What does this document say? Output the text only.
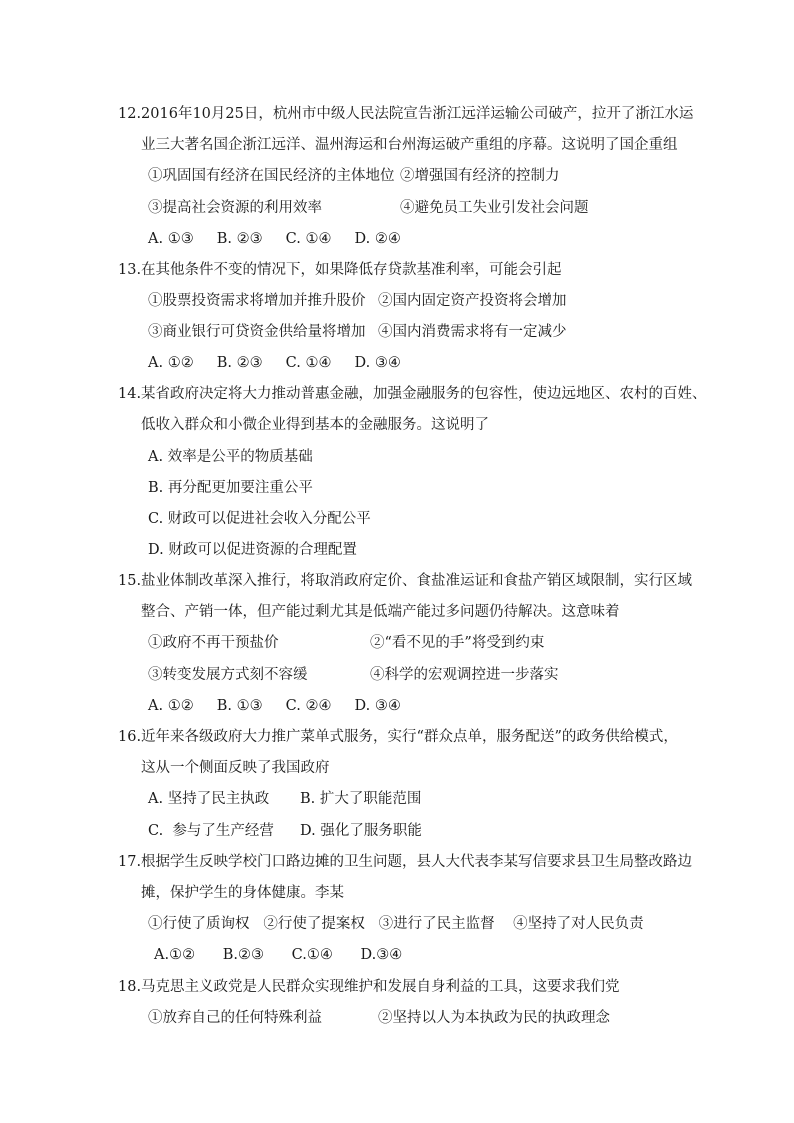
12.2016年10月25日，杭州市中级人民法院宣告浙江远洋运输公司破产，拉开了浙江水运
业三大著名国企浙江远洋、温州海运和台州海运破产重组的序幕。这说明了国企重组
①巩固国有经济在国民经济的主体地位 ②增强国有经济的控制力
③提高社会资源的利用效率	④避免员工失业引发社会问题
A. ①③     B. ②③     C. ①④     D. ②④
13.在其他条件不变的情况下，如果降低存贷款基准利率，可能会引起
①股票投资需求将增加并推升股价 ②国内固定资产投资将会增加
③商业银行可贷资金供给量将增加 ④国内消费需求将有一定减少
A. ①②     B. ②③     C. ①④     D. ③④
14.某省政府决定将大力推动普惠金融，加强金融服务的包容性，使边远地区、农村的百姓、
低收入群众和小微企业得到基本的金融服务。这说明了
A. 效率是公平的物质基础
B. 再分配更加要注重公平
C. 财政可以促进社会收入分配公平
D. 财政可以促进资源的合理配置
15.盐业体制改革深入推行，将取消政府定价、食盐准运证和食盐产销区域限制，实行区域
整合、产销一体，但产能过剩尤其是低端产能过多问题仍待解决。这意味着
①政府不再干预盐价	②“看不见的手”将受到约束
③转变发展方式刻不容缓	④科学的宏观调控进一步落实
A. ①②     B. ①③     C. ②④     D. ③④
16.近年来各级政府大力推广菜单式服务，实行“群众点单，服务配送”的政务供给模式，
这从一个侧面反映了我国政府
A. 坚持了民主执政 B. 扩大了职能范围
C.  参与了生产经营 D. 强化了服务职能
17.根据学生反映学校门口路边摊的卫生问题，县人大代表李某写信要求县卫生局整改路边
摊，保护学生的身体健康。李某
①行使了质询权   ②行使了提案权   ③进行了民主监督    ④坚持了对人民负责
A.①②      B.②③      C.①④      D.③④
18.马克思主义政党是人民群众实现维护和发展自身利益的工具，这要求我们党
①放弃自己的任何特殊利益	②坚持以人为本执政为民的执政理念
